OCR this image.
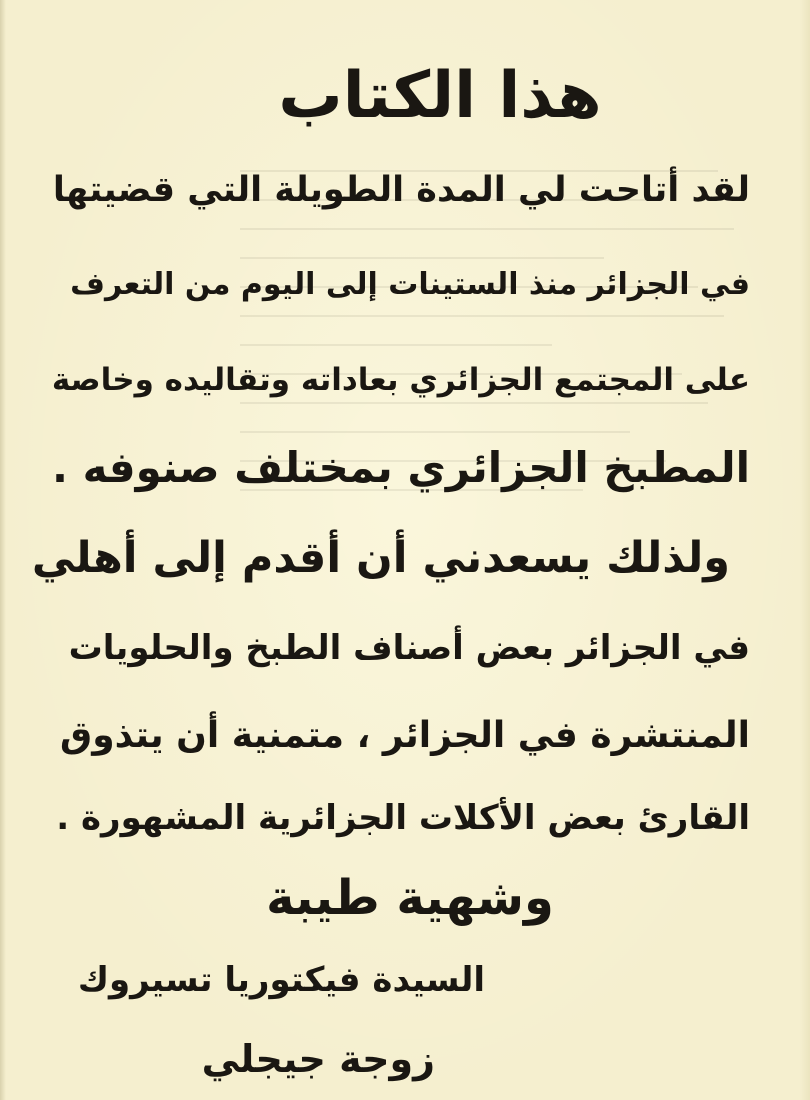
هذا الكتاب
لقد أتاحت لي المدة الطويلة التي قضيتها
في الجزائر منذ الستينات إلى اليوم من التعرف
على المجتمع الجزائري بعاداته وتقاليده وخاصة
المطبخ الجزائري بمختلف صنوفه .
ولذلك يسعدني أن أقدم إلى أهلي
في الجزائر بعض أصناف الطبخ والحلويات
المنتشرة في الجزائر ، متمنية أن يتذوق
القارئ بعض الأكلات الجزائرية المشهورة .
وشهية طيبة
السيدة فيكتوريا تسيروك
زوجة جيجلي
